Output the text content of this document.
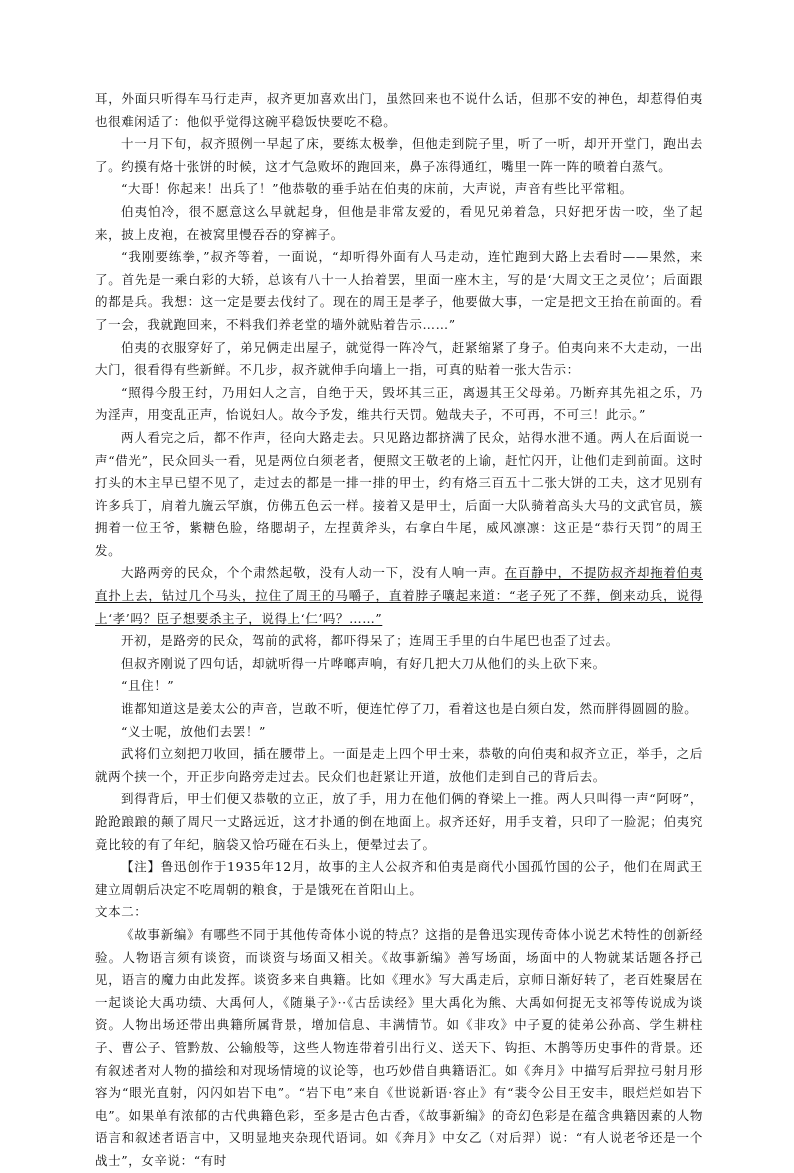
耳，外面只听得车马行走声，叔齐更加喜欢出门，虽然回来也不说什么话，但那不安的神色，却惹得伯夷也很难闲适了：他似乎觉得这碗平稳饭快要吃不稳。

十一月下旬，叔齐照例一早起了床，要练太极拳，但他走到院子里，听了一听，却开开堂门，跑出去了。约摸有烙十张饼的时候，这才气急败坏的跑回来，鼻子冻得通红，嘴里一阵一阵的喷着白蒸气。

“大哥！你起来！出兵了！”他恭敬的垂手站在伯夷的床前，大声说，声音有些比平常粗。

伯夷怕冷，很不愿意这么早就起身，但他是非常友爱的，看见兄弟着急，只好把牙齿一咬，坐了起来，披上皮袍，在被窝里慢吞吞的穿裤子。

“我刚要练拳，”叔齐等着，一面说，“却听得外面有人马走动，连忙跑到大路上去看时——果然，来了。首先是一乘白彩的大轿，总该有八十一人抬着罢，里面一座木主，写的是‘大周文王之灵位’；后面跟的都是兵。我想：这一定是要去伐纣了。现在的周王是孝子，他要做大事，一定是把文王抬在前面的。看了一会，我就跑回来，不料我们养老堂的墙外就贴着告示……”

伯夷的衣服穿好了，弟兄俩走出屋子，就觉得一阵冷气，赶紧缩紧了身子。伯夷向来不大走动，一出大门，很看得有些新鲜。不几步，叔齐就伸手向墙上一指，可真的贴着一张大告示：

“照得今殷王纣，乃用妇人之言，自绝于天，毁坏其三正，离逷其王父母弟。乃断弃其先祖之乐，乃为淫声，用变乱正声，怡说妇人。故今予发，维共行天罚。勉哉夫子，不可再，不可三！此示。”

两人看完之后，都不作声，径向大路走去。只见路边都挤满了民众，站得水泄不通。两人在后面说一声“借光”，民众回头一看，见是两位白须老者，便照文王敬老的上谕，赶忙闪开，让他们走到前面。这时打头的木主早已望不见了，走过去的都是一排一排的甲士，约有烙三百五十二张大饼的工夫，这才见别有许多兵丁，肩着九旒云罕旗，仿佛五色云一样。接着又是甲士，后面一大队骑着高头大马的文武官员，簇拥着一位王爷，紫糖色脸，络腮胡子，左捏黄斧头，右拿白牛尾，威风凛凛：这正是“恭行天罚”的周王发。

大路两旁的民众，个个肃然起敬，没有人动一下，没有人响一声。在百静中，不提防叔齐却拖着伯夷直扑上去，钻过几个马头，拉住了周王的马嚼子，直着脖子嚷起来道：“老子死了不葬，倒来动兵，说得上‘孝’吗？臣子想要杀主子，说得上‘仁’吗？……”

开初，是路旁的民众，驾前的武将，都吓得呆了；连周王手里的白牛尾巴也歪了过去。

但叔齐刚说了四句话，却就听得一片哗啷声响，有好几把大刀从他们的头上砍下来。

“且住！”

谁都知道这是姜太公的声音，岂敢不听，便连忙停了刀，看着这也是白须白发，然而胖得圆圆的脸。

“义士呢，放他们去罢！”

武将们立刻把刀收回，插在腰带上。一面是走上四个甲士来，恭敬的向伯夷和叔齐立正，举手，之后就两个挟一个，开正步向路旁走过去。民众们也赶紧让开道，放他们走到自己的背后去。

到得背后，甲士们便又恭敬的立正，放了手，用力在他们俩的脊梁上一推。两人只叫得一声“阿呀”，跄跄踉踉的颠了周尺一丈路远近，这才扑通的倒在地面上。叔齐还好，用手支着，只印了一脸泥；伯夷究竟比较的有了年纪，脑袋又恰巧碰在石头上，便晕过去了。

【注】鲁迅创作于1935年12月，故事的主人公叔齐和伯夷是商代小国孤竹国的公子，他们在周武王 建立周朝后决定不吃周朝的粮食，于是饿死在首阳山上。

文本二：

《故事新编》有哪些不同于其他传奇体小说的特点？这指的是鲁迅实现传奇体小说艺术特性的创新经验。人物语言须有谈资，而谈资与场面又相关。《故事新编》善写场面，场面中的人物就某话题各抒己见，语言的魔力由此发挥。谈资多来自典籍。比如《理水》写大禹走后，京师日渐好转了，老百姓聚居在一起谈论大禹功绩、大禹何人，《随巢子》··《古岳读经》里大禹化为熊、大禹如何捉无支祁等传说成为谈资。人物出场还带出典籍所属背景，增加信息、丰满情节。如《非攻》中子夏的徒弟公孙高、学生耕柱子、曹公子、管黔敖、公输般等，这些人物连带着引出行义、送天下、钩拒、木鹊等历史事件的背景。还有叙述者对人物的描绘和对现场情境的议论等，也巧妙借自典籍语汇。如《奔月》中描写后羿拉弓射月形容为“眼光直射，闪闪如岩下电”。“岩下电”来自《世说新语·容止》有“裴令公目王安丰，眼烂烂如岩下电”。如果单有浓郁的古代典籍色彩，至多是古色古香，《故事新编》的奇幻色彩是在蕴含典籍因素的人物语言和叙述者语言中，又明显地夹杂现代语词。如《奔月》中女乙（对后羿）说：“有人说老爷还是一个战士”，女辛说：“有时
